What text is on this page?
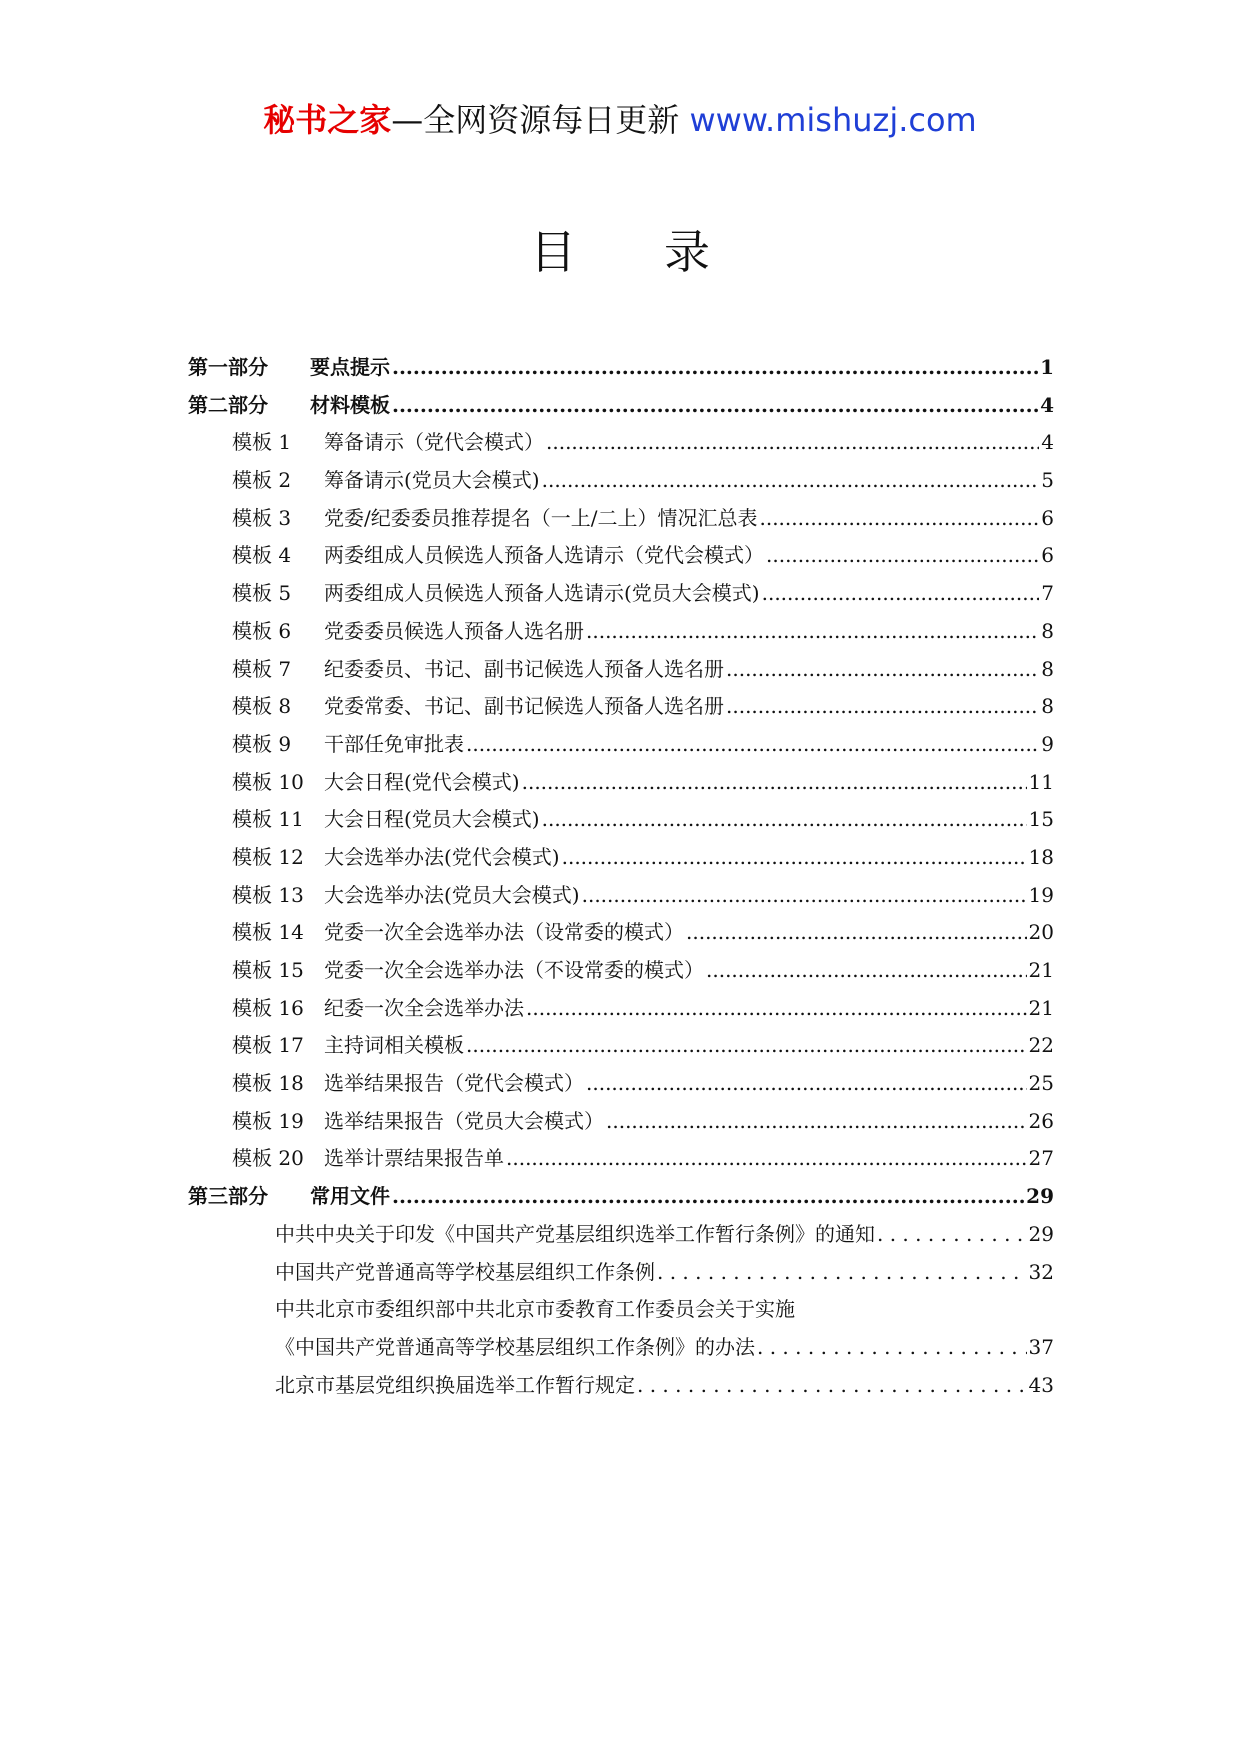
秘书之家—全网资源每日更新 www.mishuzj.com
目录
第一部分	要点提示 .....	1
第二部分	材料模板 .....	4
模板 1	筹备请示（党代会模式） .....	4
模板 2	筹备请示(党员大会模式) .....	5
模板 3	党委/纪委委员推荐提名（一上/二上）情况汇总表 .....	6
模板 4	两委组成人员候选人预备人选请示（党代会模式） .....	6
模板 5	两委组成人员候选人预备人选请示(党员大会模式) .....	7
模板 6	党委委员候选人预备人选名册 .....	8
模板 7	纪委委员、书记、副书记候选人预备人选名册 .....	8
模板 8	党委常委、书记、副书记候选人预备人选名册 .....	8
模板 9	干部任免审批表 .....	9
模板 10	大会日程(党代会模式) .....	11
模板 11	大会日程(党员大会模式) .....	15
模板 12	大会选举办法(党代会模式) .....	18
模板 13	大会选举办法(党员大会模式) .....	19
模板 14	党委一次全会选举办法（设常委的模式） .....	20
模板 15	党委一次全会选举办法（不设常委的模式） .....	21
模板 16	纪委一次全会选举办法 .....	21
模板 17	主持词相关模板 .....	22
模板 18	选举结果报告（党代会模式） .....	25
模板 19	选举结果报告（党员大会模式） .....	26
模板 20	选举计票结果报告单 .....	27
第三部分	常用文件 .....	29
中共中央关于印发《中国共产党基层组织选举工作暂行条例》的通知 . . .	29
中国共产党普通高等学校基层组织工作条例 . . .	32
中共北京市委组织部中共北京市委教育工作委员会关于实施
《中国共产党普通高等学校基层组织工作条例》的办法 . . .	37
北京市基层党组织换届选举工作暂行规定 . . .	43
